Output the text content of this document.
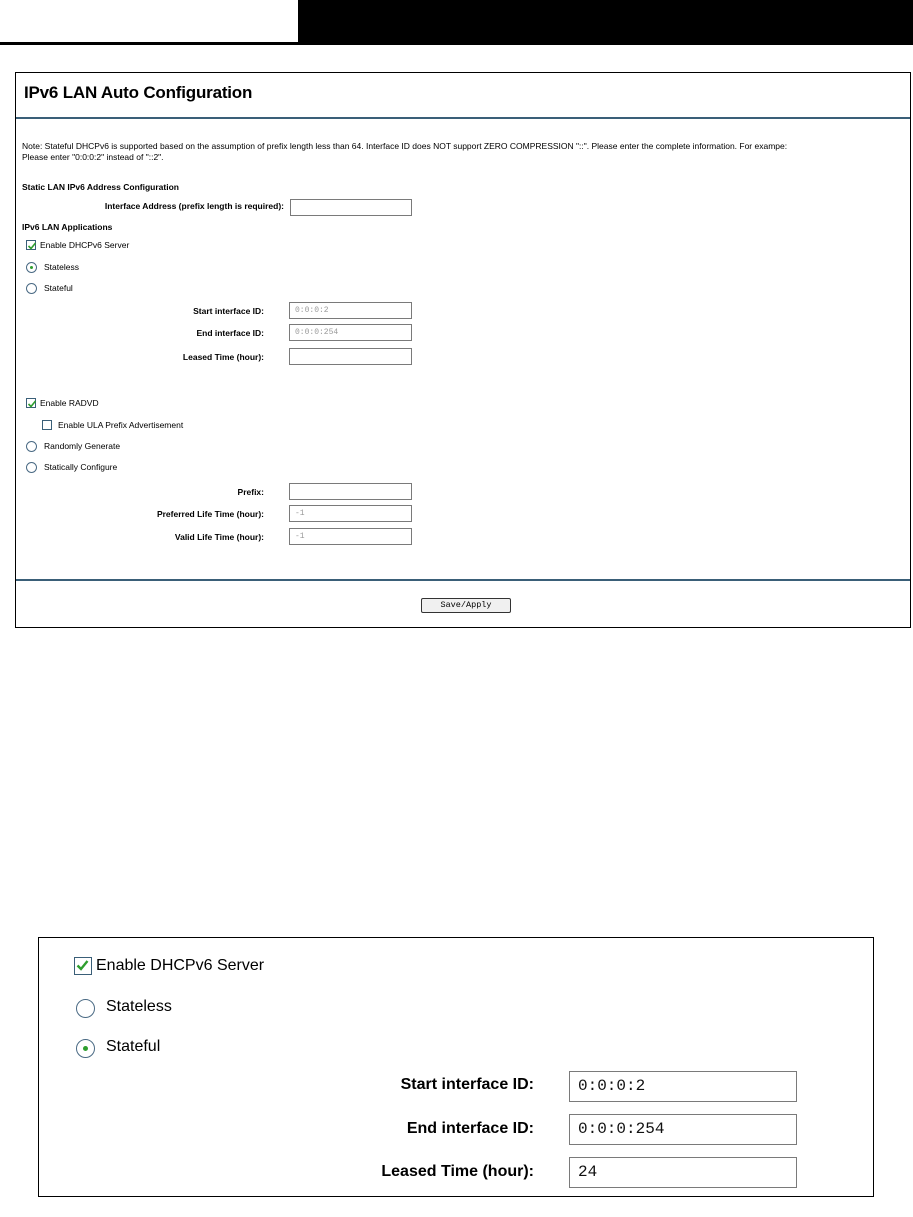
IPv6 LAN Auto Configuration
Note: Stateful DHCPv6 is supported based on the assumption of prefix length less than 64. Interface ID does NOT support ZERO COMPRESSION "::". Please enter the complete information. For exampe:
Please enter "0:0:0:2" instead of "::2".
Static LAN IPv6 Address Configuration
Interface Address (prefix length is required):
IPv6 LAN Applications
Enable DHCPv6 Server
Stateless
Stateful
Start interface ID:	0:0:0:2
End interface ID:	0:0:0:254
Leased Time (hour):
Enable RADVD
Enable ULA Prefix Advertisement
Randomly Generate
Statically Configure
Prefix:
Preferred Life Time (hour):	-1
Valid Life Time (hour):	-1
Save/Apply
Enable DHCPv6 Server
Stateless
Stateful
Start interface ID:	0:0:0:2
End interface ID:	0:0:0:254
Leased Time (hour):	24
